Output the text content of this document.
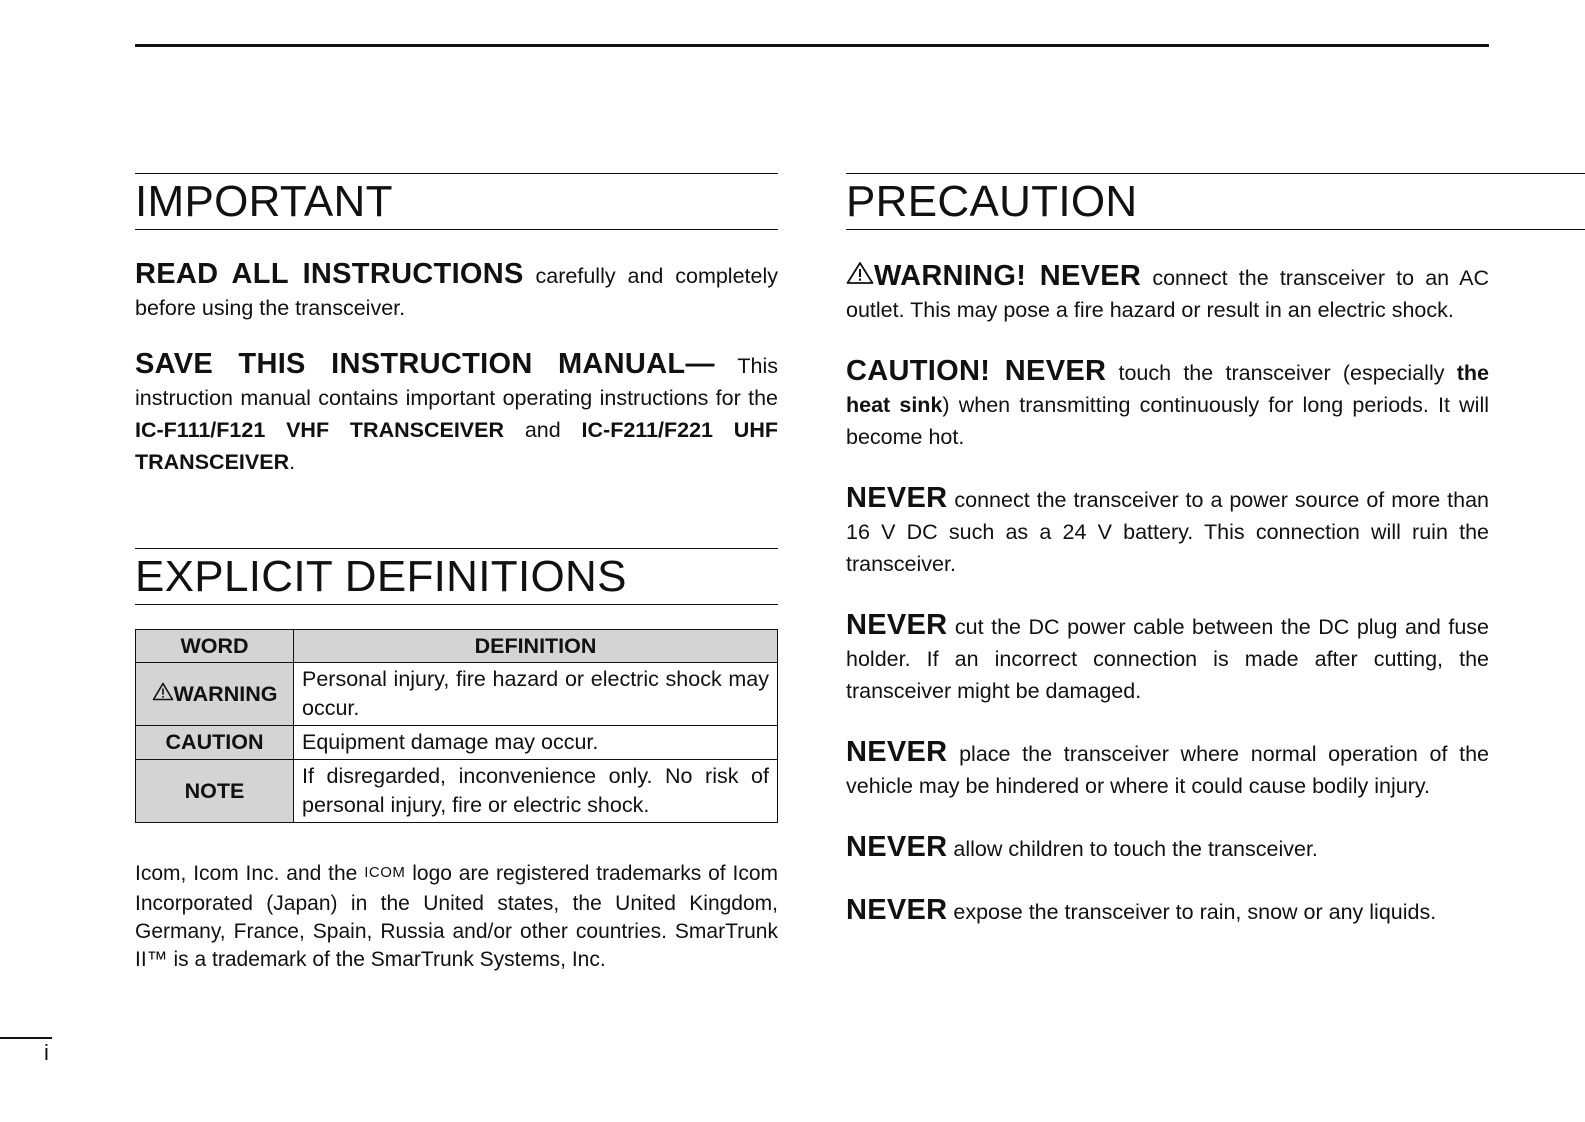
IMPORTANT

READ ALL INSTRUCTIONS carefully and completely before using the transceiver.

SAVE THIS INSTRUCTION MANUAL— This instruction manual contains important operating instructions for the IC-F111/F121 VHF TRANSCEIVER and IC-F211/F221 UHF TRANSCEIVER.

EXPLICIT DEFINITIONS
WORD	DEFINITION
WARNING	Personal injury, fire hazard or electric shock may occur.
CAUTION	Equipment damage may occur.
NOTE	If disregarded, inconvenience only. No risk of personal injury, fire or electric shock.

Icom, Icom Inc. and the ICOM logo are registered trademarks of Icom Incorporated (Japan) in the United states, the United Kingdom, Germany, France, Spain, Russia and/or other countries. SmarTrunk II™ is a trademark of the SmarTrunk Systems, Inc.

PRECAUTION

WARNING! NEVER connect the transceiver to an AC outlet. This may pose a fire hazard or result in an electric shock.

CAUTION! NEVER touch the transceiver (especially the heat sink) when transmitting continuously for long periods. It will become hot.

NEVER connect the transceiver to a power source of more than 16 V DC such as a 24 V battery. This connection will ruin the transceiver.

NEVER cut the DC power cable between the DC plug and fuse holder. If an incorrect connection is made after cutting, the transceiver might be damaged.

NEVER place the transceiver where normal operation of the vehicle may be hindered or where it could cause bodily injury.

NEVER allow children to touch the transceiver.

NEVER expose the transceiver to rain, snow or any liquids.

i
